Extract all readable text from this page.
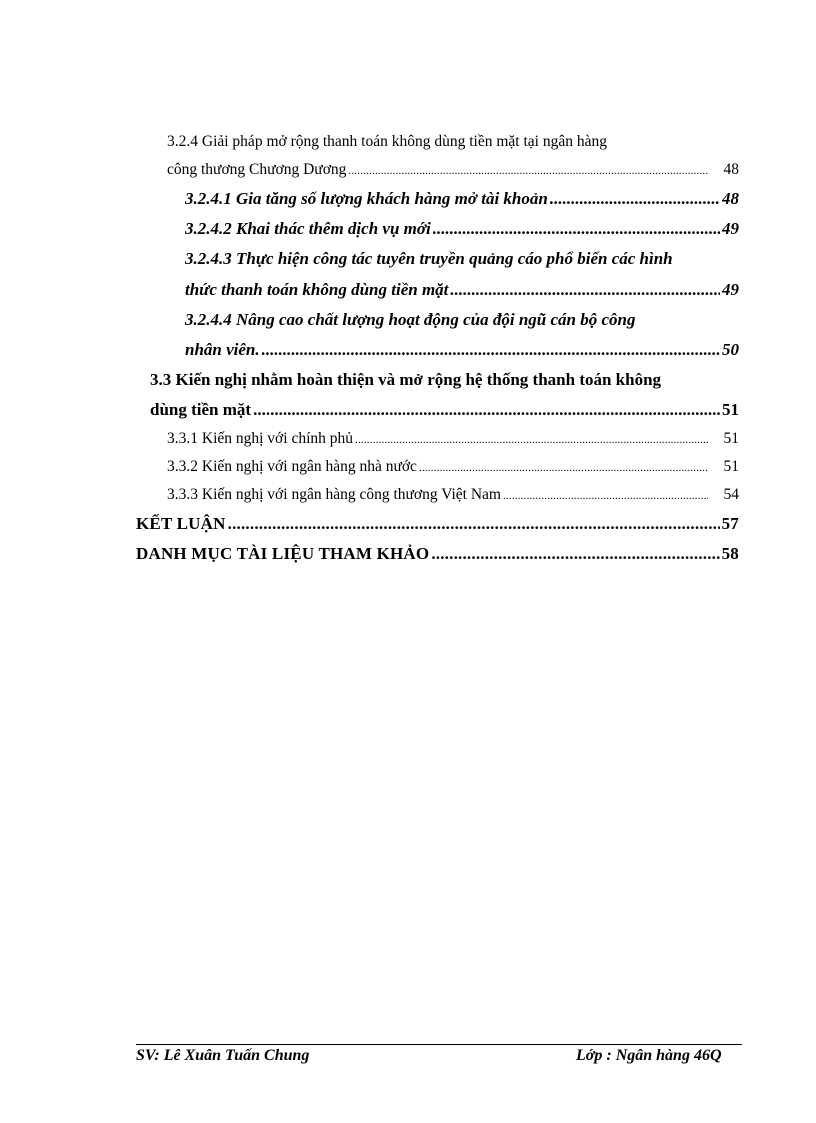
3.2.4 Giải pháp mở rộng thanh toán không dùng tiền mặt tại ngân hàng
công thương Chương Dương .....	48
3.2.4.1 Gia tăng số lượng khách hàng mở tài khoản .....	48
3.2.4.2 Khai thác thêm dịch vụ mới .....	49
3.2.4.3 Thực hiện công tác tuyên truyền quảng cáo phổ biến các hình
thức thanh toán không dùng tiền mặt .....	49
3.2.4.4 Nâng cao chất lượng hoạt động của đội ngũ cán bộ công
nhân viên. .....	50
3.3 Kiến nghị nhằm hoàn thiện và mở rộng hệ thống thanh toán không
dùng tiền mặt .....	51
3.3.1 Kiến nghị với chính phủ .....	51
3.3.2 Kiến nghị với ngân hàng nhà nước .....	51
3.3.3 Kiến nghị với ngân hàng công thương Việt Nam .....	54
KẾT LUẬN .....	57
DANH MỤC TÀI LIỆU THAM KHẢO .....	58
SV: Lê Xuân Tuấn Chung	Lớp : Ngân hàng 46Q
